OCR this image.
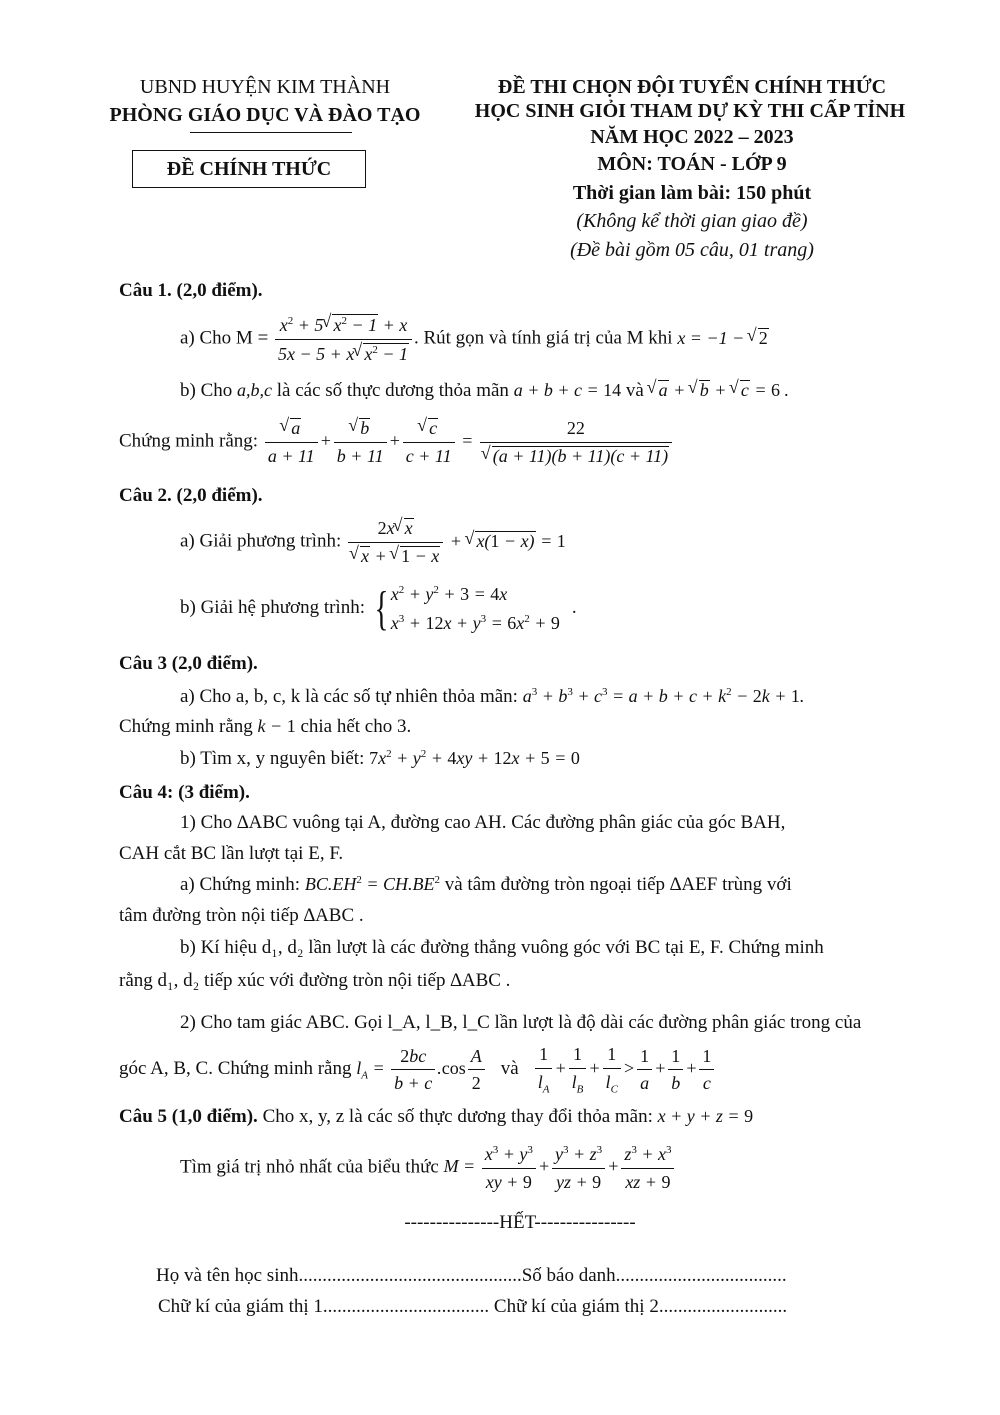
UBND HUYỆN KIM THÀNH
PHÒNG GIÁO DỤC VÀ ĐÀO TẠO
ĐỀ CHÍNH THỨC
ĐỀ THI CHỌN ĐỘI TUYỂN CHÍNH THỨC
HỌC SINH GIỎI THAM DỰ KỲ THI CẤP TỈNH
NĂM HỌC 2022 – 2023
MÔN: TOÁN - LỚP 9
Thời gian làm bài: 150 phút
(Không kể thời gian giao đề)
(Đề bài gồm 05 câu, 01 trang)
Câu 1. (2,0 điểm).
a) Cho $M = \frac{x^2 + 5 √ x^2 - 1 + x}{5x - 5 + x √ x^2 - 1}$ . Rút gọn và tính giá trị của M khi x = −1 − √ 2
b) Cho a,b,c là các số thực dương thỏa mãn a + b + c = 14 và √ a + √ b + √ c = 6 .
Chứng minh rằng: √ $\frac{a}{a + 11}$ + √ $\frac{b}{b + 11}$ + √ $\frac{c}{c + 11} = 22$
√ (a + 11)(b + 11)(c + 11)
Câu 2. (2,0 điểm).
a) Giải phương trình: 2x √ x
√ x + √ 1 − x + √ x(1 − x) = 1
b) Giải hệ phương trình: { $x^2 + y^2 + 3 = 4x$
$x^3 + 12x + y^3 = 6x^2 + 9$
.
Câu 3 (2,0 điểm).
a) Cho a, b, c, k là các số tự nhiên thỏa mãn: $a^3 + b^3 + c^3 = a + b + c + k^2 - 2k + 1$.
Chứng minh rằng k − 1 chia hết cho 3.
b) Tìm x, y nguyên biết: $7x^2 + y^2 + 4xy + 12x + 5 = 0$
Câu 4: (3 điểm).
1) Cho ∆ABC vuông tại A, đường cao AH. Các đường phân giác của góc BAH,
CAH cắt BC lần lượt tại E, F.
a) Chứng minh: $BC.EH^2 = CH.BE^2$ và tâm đường tròn ngoại tiếp ∆AEF trùng với
tâm đường tròn nội tiếp ∆ABC .
b) Kí hiệu d₁, d₂ lần lượt là các đường thẳng vuông góc với BC tại E, F. Chứng minh
rằng d₁, d₂ tiếp xúc với đường tròn nội tiếp ∆ABC .
2) Cho tam giác ABC. Gọi l_A, l_B, l_C lần lượt là độ dài các đường phân giác trong của
góc A, B, C. Chứng minh rằng $l_A = \frac{2bc}{b + c} .\cos \frac{A}{2}$ và $\frac{1}{l_A} + \frac{1}{l_B} + \frac{1}{l_C} > \frac{1}{a} + \frac{1}{b} + \frac{1}{c}$
Câu 5 (1,0 điểm). Cho x, y, z là các số thực dương thay đổi thỏa mãn: x + y + z = 9
Tìm giá trị nhỏ nhất của biểu thức $M = \frac{x^3 + y^3}{xy + 9} + \frac{y^3 + z^3}{yz + 9} + \frac{z^3 + x^3}{xz + 9}$
---------------HẾT----------------
Họ và tên học sinh...............................................Số báo danh....................................
Chữ kí của giám thị 1................................... Chữ kí của giám thị 2...........................
